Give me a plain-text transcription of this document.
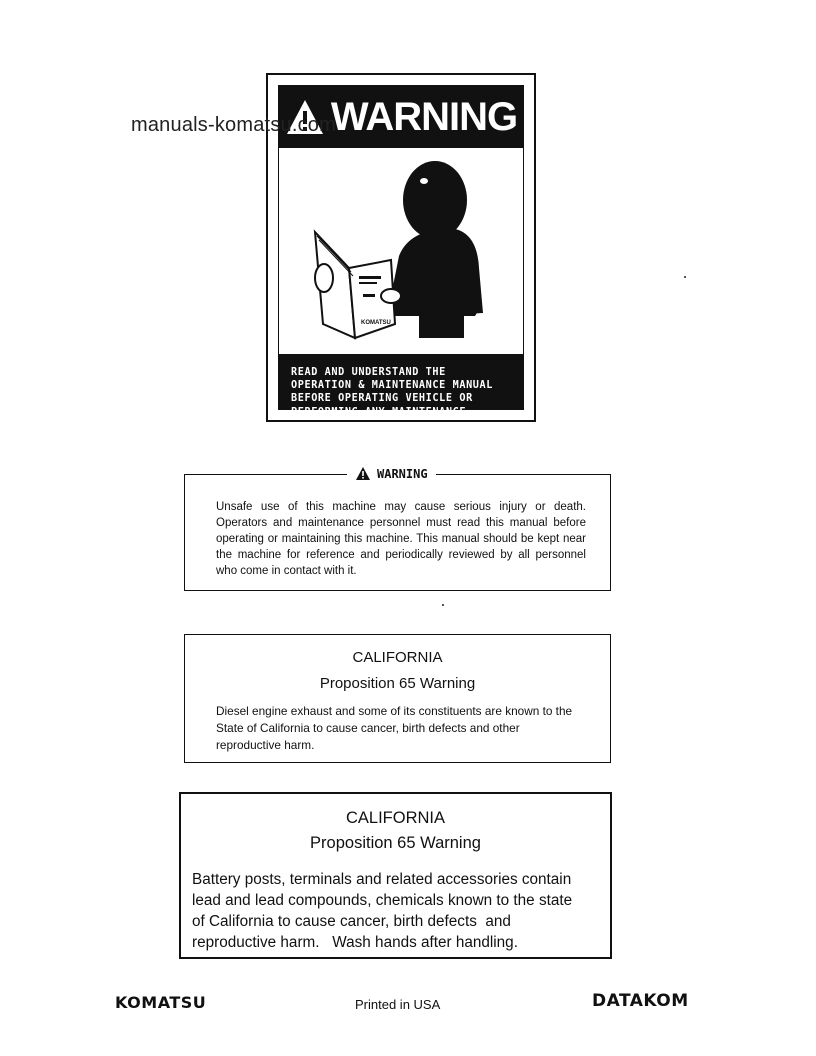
manuals-komatsu.com
WARNING
KOMATSU
READ AND UNDERSTAND THE
OPERATION & MAINTENANCE MANUAL
BEFORE OPERATING VEHICLE OR
PERFORMING ANY MAINTENANCE.
WARNING
Unsafe use of this machine may cause serious injury or death. Operators and maintenance personnel must read this manual before operating or maintaining this machine. This manual should be kept near the machine for reference and periodically reviewed by all personnel who come in contact with it.
CALIFORNIA
Proposition 65 Warning
Diesel engine exhaust and some of its constituents are known to the State of California to cause cancer, birth defects and other reproductive harm.
CALIFORNIA
Proposition 65 Warning
Battery posts, terminals and related accessories contain
lead and lead compounds, chemicals known to the state
of California to cause cancer, birth defects  and
reproductive harm.   Wash hands after handling.
KOMATSU	Printed in USA	DATAKOM
